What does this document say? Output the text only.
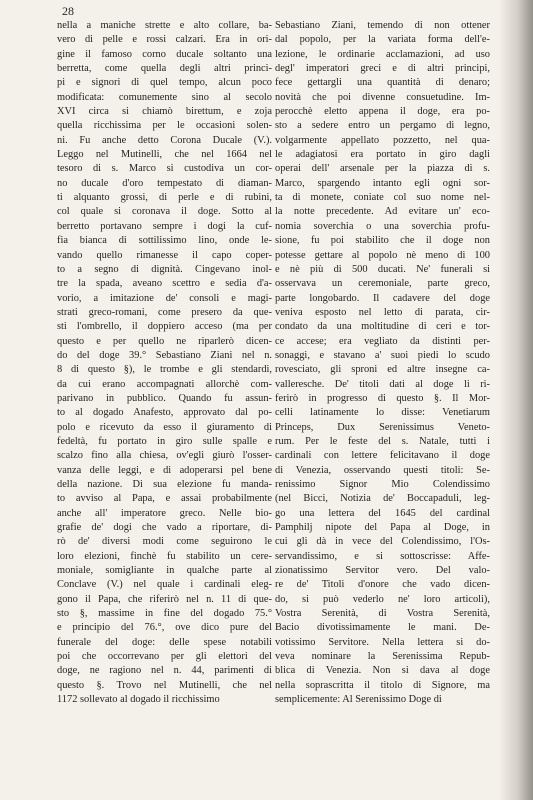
28
nella a maniche strette e alto collare, ba-
vero di pelle e rossi calzari. Era in ori-
gine il famoso corno ducale soltanto una
berretta, come quella degli altri princi-
pi e signori di quel tempo, alcun poco
modificata: comunemente sino al secolo
XVI circa si chiamò birettum, e zoja
quella ricchissima per le occasioni solen-
ni. Fu anche detto Corona Ducale (V.).
Leggo nel Mutinelli, che nel 1664 nel
tesoro di s. Marco si custodiva un cor-
no ducale d'oro tempestato di diaman-
ti alquanto grossi, di perle e di rubini,
col quale si coronava il doge. Sotto al
berretto portavano sempre i dogi la cuf-
fia bianca di sottilissimo lino, onde le-
vando quello rimanesse il capo coper-
to a segno di dignità. Cingevano inol-
tre la spada, aveano scettro e sedia d'a-
vorio, a imitazione de' consoli e magi-
strati greco-romani, come presero da que-
sti l'ombrello, il doppiero acceso (ma per
questo e per quello ne riparlerò dicen-
do del doge 39.° Sebastiano Ziani nel n.
8 di questo §), le trombe e gli stendardi,
da cui erano accompagnati allorchè com-
parivano in pubblico. Quando fu assun-
to al dogado Anafesto, approvato dal po-
polo e ricevuto da esso il giuramento di
fedeltà, fu portato in giro sulle spalle e
scalzo fino alla chiesa, ov'egli giurò l'osser-
vanza delle leggi, e di adoperarsi pel bene
della nazione. Di sua elezione fu manda-
to avviso al Papa, e assai probabilmente
anche all' imperatore greco. Nelle bio-
grafie de' dogi che vado a riportare, di-
rò de' diversi modi come seguirono le
loro elezioni, finchè fu stabilito un cere-
moniale, somigliante in qualche parte al
Conclave (V.) nel quale i cardinali eleg-
gono il Papa, che riferirò nel n. 11 di que-
sto §, massime in fine del dogado 75.°
e principio del 76.°, ove dico pure del
funerale del doge: delle spese notabili
poi che occorrevano per gli elettori del
doge, ne ragiono nel n. 44, parimenti di
questo §. Trovo nel Mutinelli, che nel
1172 sollevato al dogado il ricchissimo
Sebastiano Ziani, temendo di non ottener
dal popolo, per la variata forma dell'e-
lezione, le ordinarie acclamazioni, ad uso
degl' imperatori greci e di altri principi,
fece gettargli una quantità di denaro;
novità che poi divenne consuetudine. Im-
perocchè eletto appena il doge, era po-
sto a sedere entro un pergamo di legno,
volgarmente appellato pozzetto, nel qua-
le adagiatosi era portato in giro dagli
operai dell' arsenale per la piazza di s.
Marco, spargendo intanto egli ogni sor-
ta di monete, coniate col suo nome nel-
la notte precedente. Ad evitare un' eco-
nomia soverchia o una soverchia profu-
sione, fu poi stabilito che il doge non
potesse gettare al popolo nè meno di 100
e nè più di 500 ducati. Ne' funerali si
osservava un ceremoniale, parte greco,
parte longobardo. Il cadavere del doge
veniva esposto nel letto di parata, cir-
condato da una moltitudine di ceri e tor-
ce accese; era vegliato da distinti per-
sonaggi, e stavano a' suoi piedi lo scudo
rovesciato, gli sproni ed altre insegne ca-
valleresche. De' titoli dati al doge li ri-
ferirò in progresso di questo §. Il Mor-
celli latinamente lo disse: Venetiarum
Princeps, Dux Serenissimus Veneto-
rum. Per le feste del s. Natale, tutti i
cardinali con lettere felicitavano il doge
di Venezia, osservando questi titoli: Se-
renissimo Signor Mio Colendissimo
(nel Bicci, Notizia de' Boccapaduli, leg-
go una lettera del 1645 del cardinal
Pamphilj nipote del Papa al Doge, in
cui gli dà in vece del Colendissimo, l'Os-
servandissimo, e si sottoscrisse: Affe-
zionatissimo Servitor vero. Del valo-
re de' Titoli d'onore che vado dicen-
do, si può vederlo ne' loro articoli),
Vostra Serenità, di Vostra Serenità,
Bacio divotissimamente le mani. De-
votissimo Servitore. Nella lettera si do-
veva nominare la Serenissima Repub-
blica di Venezia. Non si dava al doge
nella soprascritta il titolo di Signore, ma
semplicemente: Al Serenissimo Doge di
